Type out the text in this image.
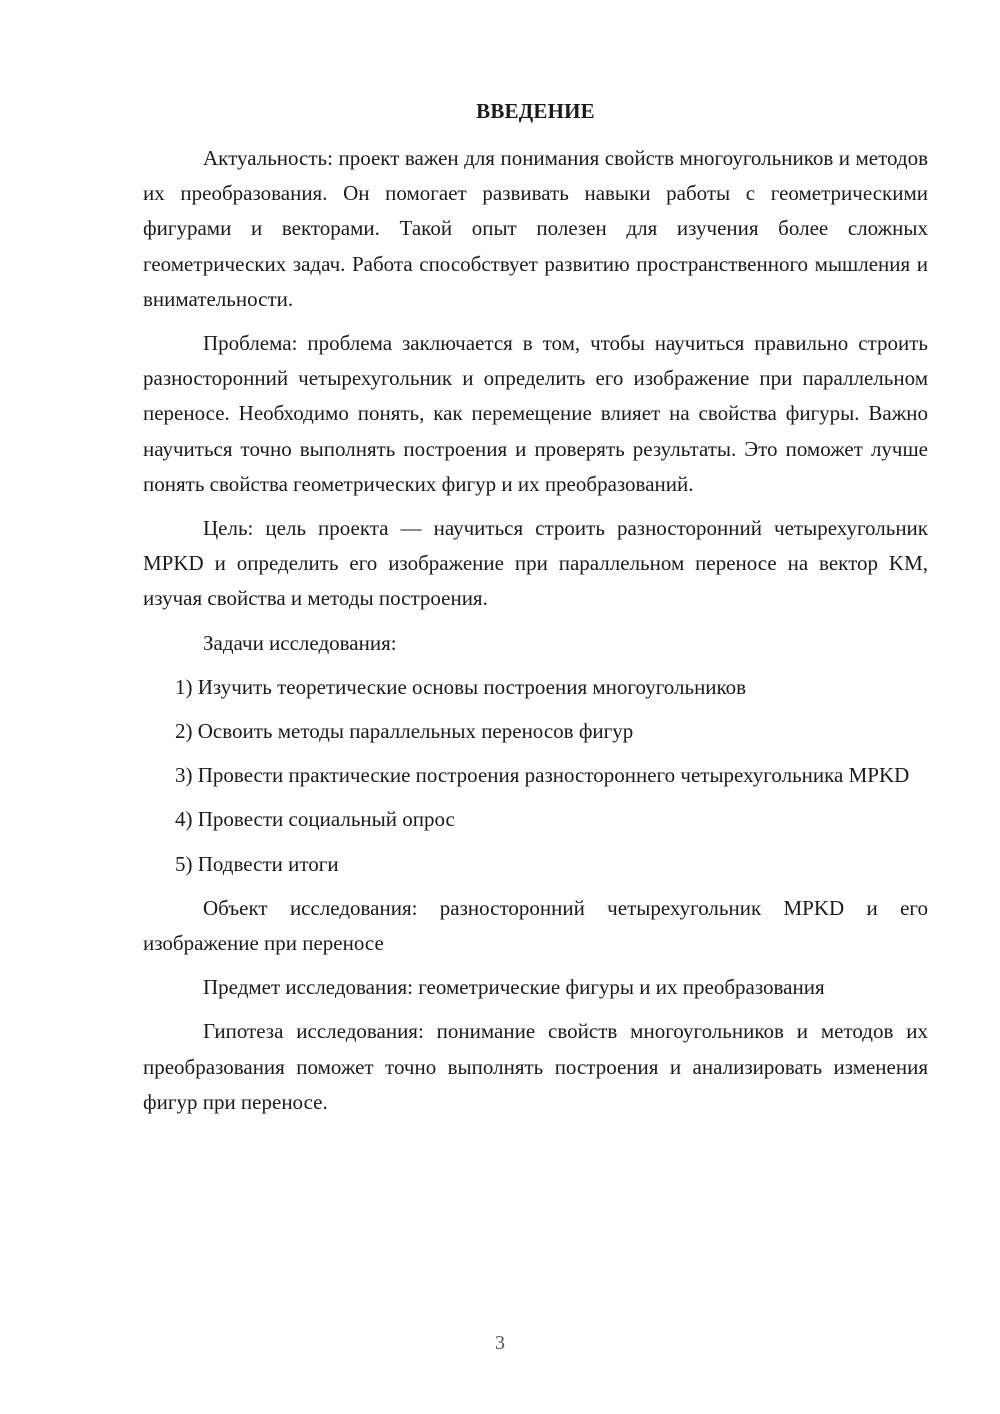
ВВЕДЕНИЕ

Актуальность: проект важен для понимания свойств многоугольников и методов их преобразования. Он помогает развивать навыки работы с геометрическими фигурами и векторами. Такой опыт полезен для изучения более сложных геометрических задач. Работа способствует развитию пространственного мышления и внимательности.

Проблема: проблема заключается в том, чтобы научиться правильно строить разносторонний четырехугольник и определить его изображение при параллельном переносе. Необходимо понять, как перемещение влияет на свойства фигуры. Важно научиться точно выполнять построения и проверять результаты. Это поможет лучше понять свойства геометрических фигур и их преобразований.

Цель: цель проекта — научиться строить разносторонний четырехугольник MPKD и определить его изображение при параллельном переносе на вектор KM, изучая свойства и методы построения.

Задачи исследования:

1) Изучить теоретические основы построения многоугольников

2) Освоить методы параллельных переносов фигур

3) Провести практические построения разностороннего четырехугольника MPKD

4) Провести социальный опрос

5) Подвести итоги

Объект исследования: разносторонний четырехугольник MPKD и его изображение при переносе

Предмет исследования: геометрические фигуры и их преобразования

Гипотеза исследования: понимание свойств многоугольников и методов их преобразования поможет точно выполнять построения и анализировать изменения фигур при переносе.

3
